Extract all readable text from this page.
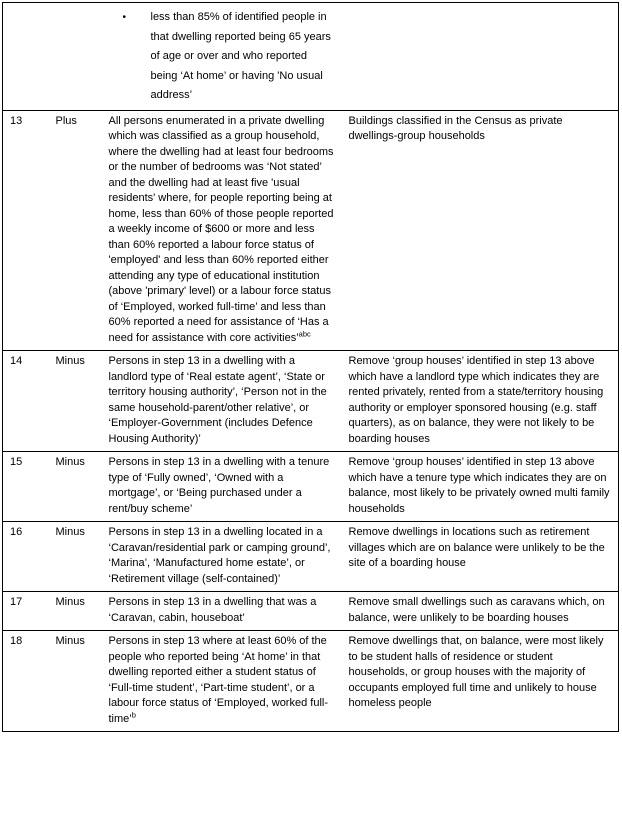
		• less than 85% of identified people in that dwelling reported being 65 years of age or over and who reported being ‘At home’ or having 'No usual address’	

13	Plus	All persons enumerated in a private dwelling which was classified as a group household, where the dwelling had at least four bedrooms or the number of bedrooms was ‘Not stated’ and the dwelling had at least five 'usual residents' where, for people reporting being at home, less than 60% of those people reported a weekly income of $600 or more and less than 60% reported a labour force status of 'employed' and less than 60% reported either attending any type of educational institution (above 'primary' level) or a labour force status of ‘Employed, worked full-time’ and less than 60% reported a need for assistance of ‘Has a need for assistance with core activities’$^{abc}$	Buildings classified in the Census as private dwellings-group households
14	Minus	Persons in step 13 in a dwelling with a landlord type of ‘Real estate agent’, ‘State or territory housing authority’, ‘Person not in the same household-parent/other relative’, or ‘Employer-Government (includes Defence Housing Authority)’	Remove ‘group houses’ identified in step 13 above which have a landlord type which indicates they are rented privately, rented from a state/territory housing authority or employer sponsored housing (e.g. staff quarters), as on balance, they were not likely to be boarding houses
15	Minus	Persons in step 13 in a dwelling with a tenure type of ‘Fully owned’, ‘Owned with a mortgage’, or ‘Being purchased under a rent/buy scheme’	Remove ‘group houses’ identified in step 13 above which have a tenure type which indicates they are on balance, most likely to be privately owned multi family households
16	Minus	Persons in step 13 in a dwelling located in a ‘Caravan/residential park or camping ground’, ‘Marina’, ‘Manufactured home estate’, or ‘Retirement village (self-contained)’	Remove dwellings in locations such as retirement villages which are on balance were unlikely to be the site of a boarding house
17	Minus	Persons in step 13 in a dwelling that was a ‘Caravan, cabin, houseboat’	Remove small dwellings such as caravans which, on balance, were unlikely to be boarding houses
18	Minus	Persons in step 13 where at least 60% of the people who reported being ‘At home’ in that dwelling reported either a student status of ‘Full-time student’, ‘Part-time student’, or a labour force status of ‘Employed, worked full-time’$^b$	Remove dwellings that, on balance, were most likely to be student halls of residence or student households, or group houses with the majority of occupants employed full time and unlikely to house homeless people
